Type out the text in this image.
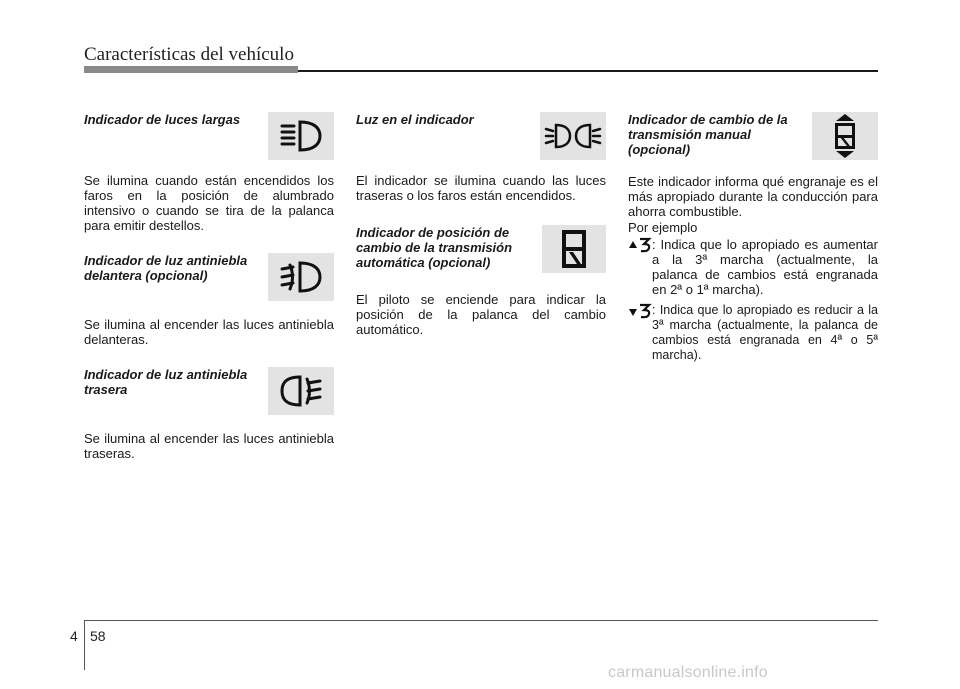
Características del vehículo

Indicador de luces largas

Se ilumina cuando están encendidos los faros en la posición de alumbrado intensivo o cuando se tira de la palanca para emitir destellos.

Indicador de luz antiniebla delantera (opcional)

Se ilumina al encender las luces antiniebla delanteras.

Indicador de luz antiniebla trasera

Se ilumina al encender las luces antiniebla traseras.

Luz en el indicador

El indicador se ilumina cuando las luces traseras o los faros están encendidos.

Indicador de posición de cambio de la transmisión automática (opcional)

El piloto se enciende para indicar la posición de la palanca del cambio automático.

Indicador de cambio de la transmisión manual (opcional)

Este indicador informa qué engranaje es el más apropiado durante la conducción para ahorra combustible.

Por ejemplo

: Indica que lo apropiado es aumentar a la 3ª marcha (actualmente, la palanca de cambios está engranada en 2ª o 1ª marcha).
: Indica que lo apropiado es reducir a la 3ª marcha (actualmente, la palanca de cambios está engranada en 4ª o 5ª marcha).
4 58
carmanualsonline.info
